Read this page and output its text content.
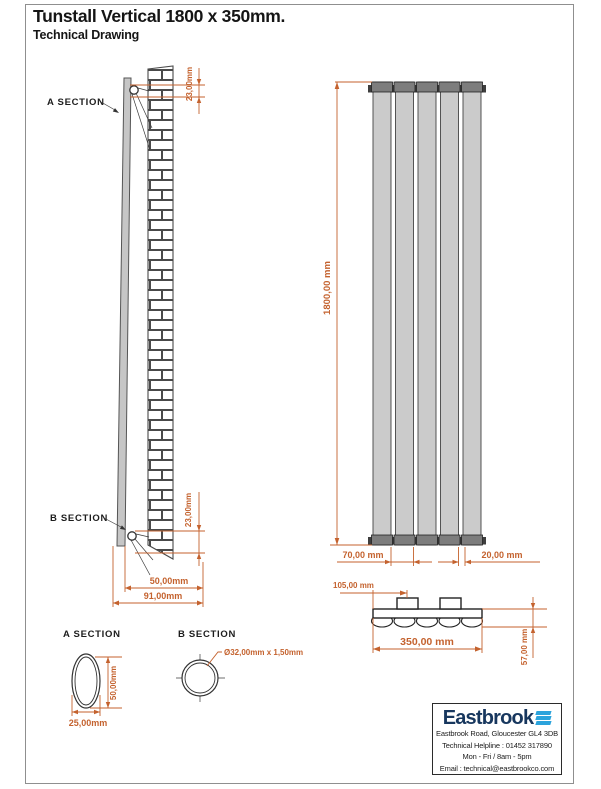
A SECTION
B SECTION
23,00mm
23,00mm
50,00mm
91,00mm
1800,00 mm
70,00 mm	20,00 mm
105,00 mm
350,00 mm	57,00 mm
A SECTION
50,00mm
25,00mm
B SECTION
Ø32,00mm x 1,50mm
Tunstall Vertical 1800 x 350mm.
Technical Drawing
Eastbrook
Eastbrook Road, Gloucester GL4 3DB
Technical Helpline : 01452 317890
Mon - Fri / 8am - 5pm
Email : technical@eastbrookco.com
